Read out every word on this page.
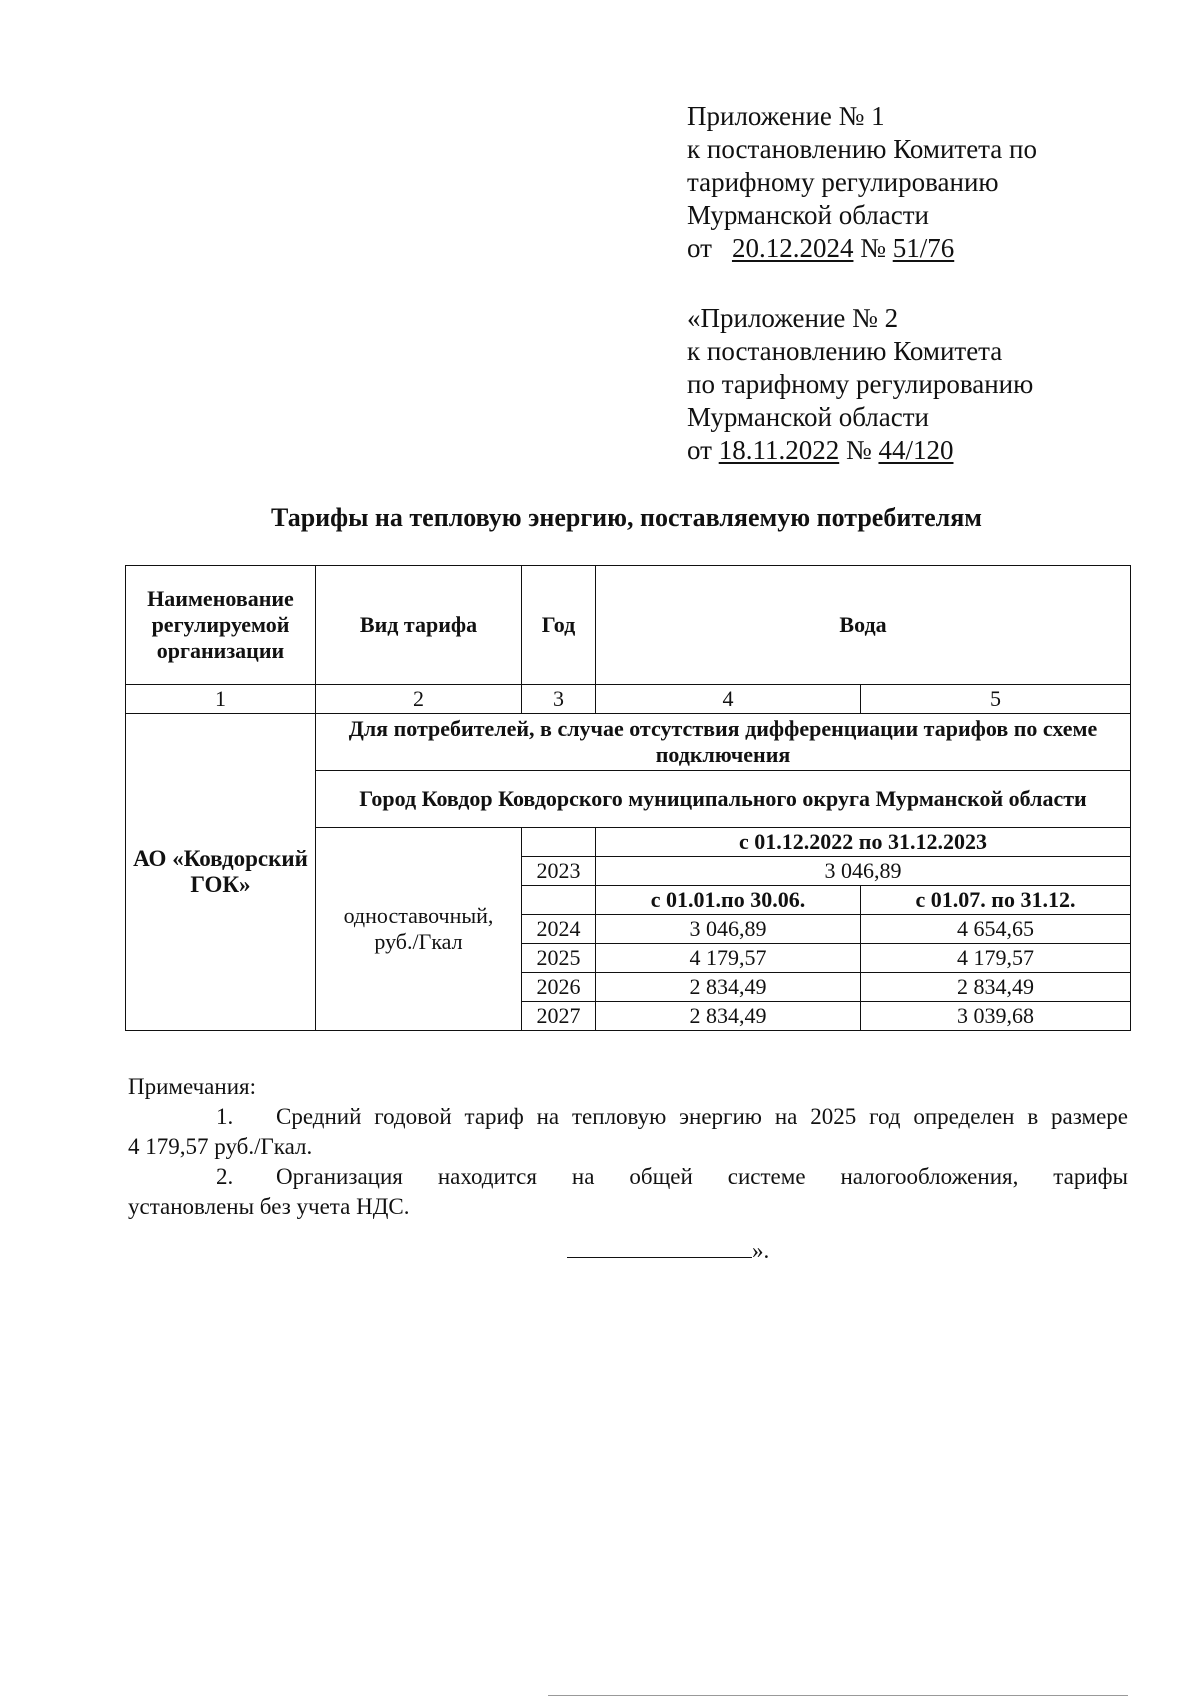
Приложение № 1
к постановлению Комитета по
тарифному регулированию
Мурманской области
от 20.12.2024 № 51/76
«Приложение № 2
к постановлению Комитета
по тарифному регулированию
Мурманской области
от 18.11.2022 № 44/120
Тарифы на тепловую энергию, поставляемую потребителям
Наименование регулируемой организации	Вид тарифа	Год	Вода	
1	2	3	4	5
АО «Ковдорский ГОК»	Для потребителей, в случае отсутствия дифференциации тарифов по схеме подключения			
	Город Ковдор Ковдорского муниципального округа Мурманской области			
	одноставочный, руб./Гкал		с 01.12.2022 по 31.12.2023	
		2023	3 046,89	
			с 01.01.по 30.06.	с 01.07. по 31.12.
		2024	3 046,89	4 654,65
		2025	4 179,57	4 179,57
		2026	2 834,49	2 834,49
		2027	2 834,49	3 039,68

Примечания:

1. Средний годовой тариф на тепловую энергию на 2025 год определен в размере

4 179,57 руб./Гкал.

2. Организация находится на общей системе налогообложения, тарифы

установлены без учета НДС.

».
